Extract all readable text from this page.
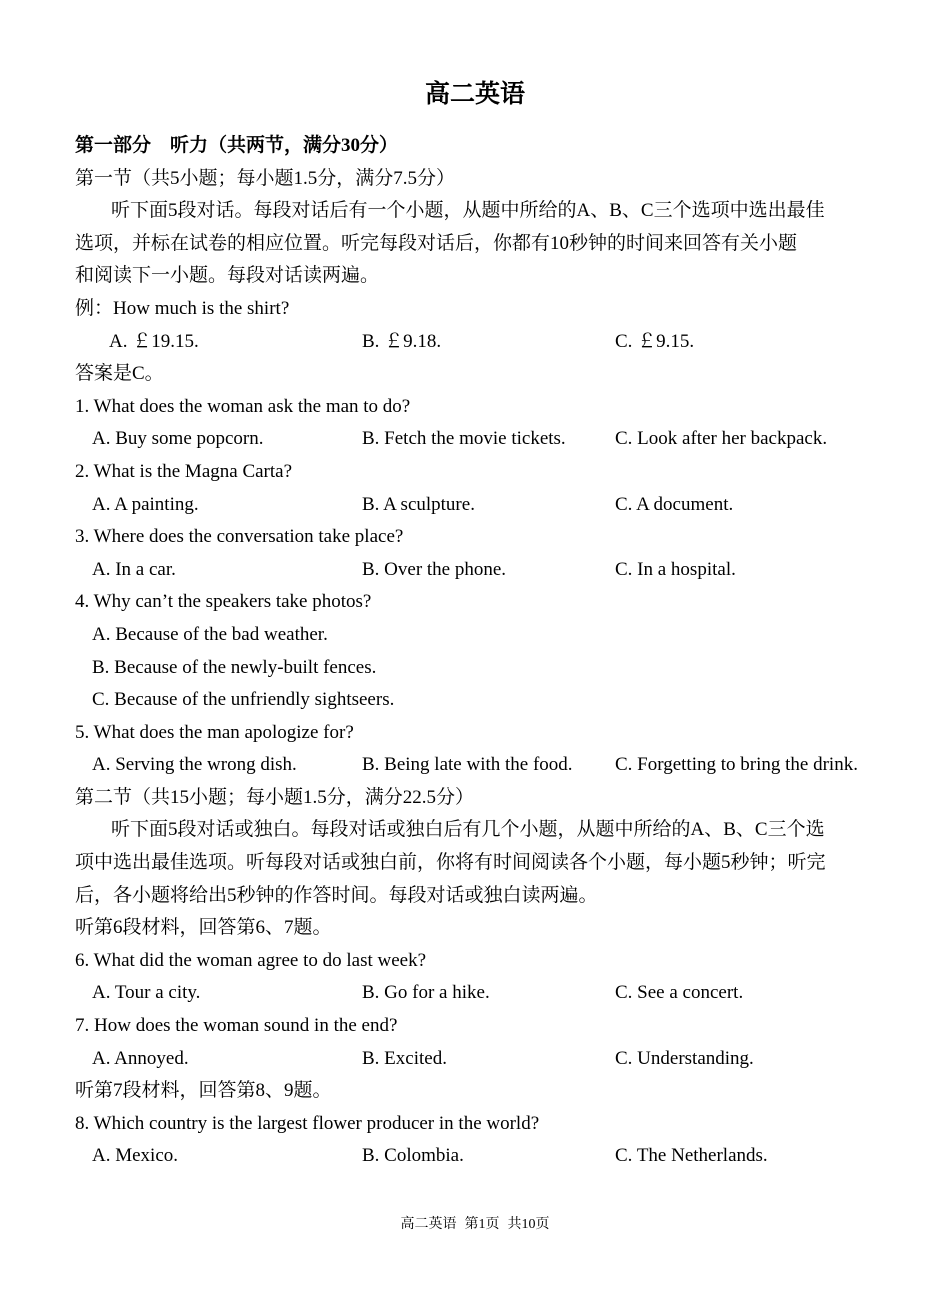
高二英语
第一部分　听力（共两节，满分30分）
第一节（共5小题；每小题1.5分，满分7.5分）
听下面5段对话。每段对话后有一个小题，从题中所给的A、B、C三个选项中选出最佳
选项，并标在试卷的相应位置。听完每段对话后，你都有10秒钟的时间来回答有关小题
和阅读下一小题。每段对话读两遍。
例：How much is the shirt?
A. ￡19.15.	B. ￡9.18.	C. ￡9.15.
答案是C。
1. What does the woman ask the man to do?
A. Buy some popcorn.	B. Fetch the movie tickets.	C. Look after her backpack.
2. What is the Magna Carta?
A. A painting.	B. A sculpture.	C. A document.
3. Where does the conversation take place?
A. In a car.	B. Over the phone.	C. In a hospital.
4. Why can’t the speakers take photos?
A. Because of the bad weather.
B. Because of the newly-built fences.
C. Because of the unfriendly sightseers.
5. What does the man apologize for?
A. Serving the wrong dish.	B. Being late with the food. C. Forgetting to bring the drink.
第二节（共15小题；每小题1.5分，满分22.5分）
听下面5段对话或独白。每段对话或独白后有几个小题，从题中所给的A、B、C三个选
项中选出最佳选项。听每段对话或独白前，你将有时间阅读各个小题，每小题5秒钟；听完
后，各小题将给出5秒钟的作答时间。每段对话或独白读两遍。
听第6段材料，回答第6、7题。
6. What did the woman agree to do last week?
A. Tour a city.	B. Go for a hike.	C. See a concert.
7. How does the woman sound in the end?
A. Annoyed.	B. Excited.	C. Understanding.
听第7段材料，回答第8、9题。
8. Which country is the largest flower producer in the world?
A. Mexico.	B. Colombia.	C. The Netherlands.
高二英语 第1页 共10页
